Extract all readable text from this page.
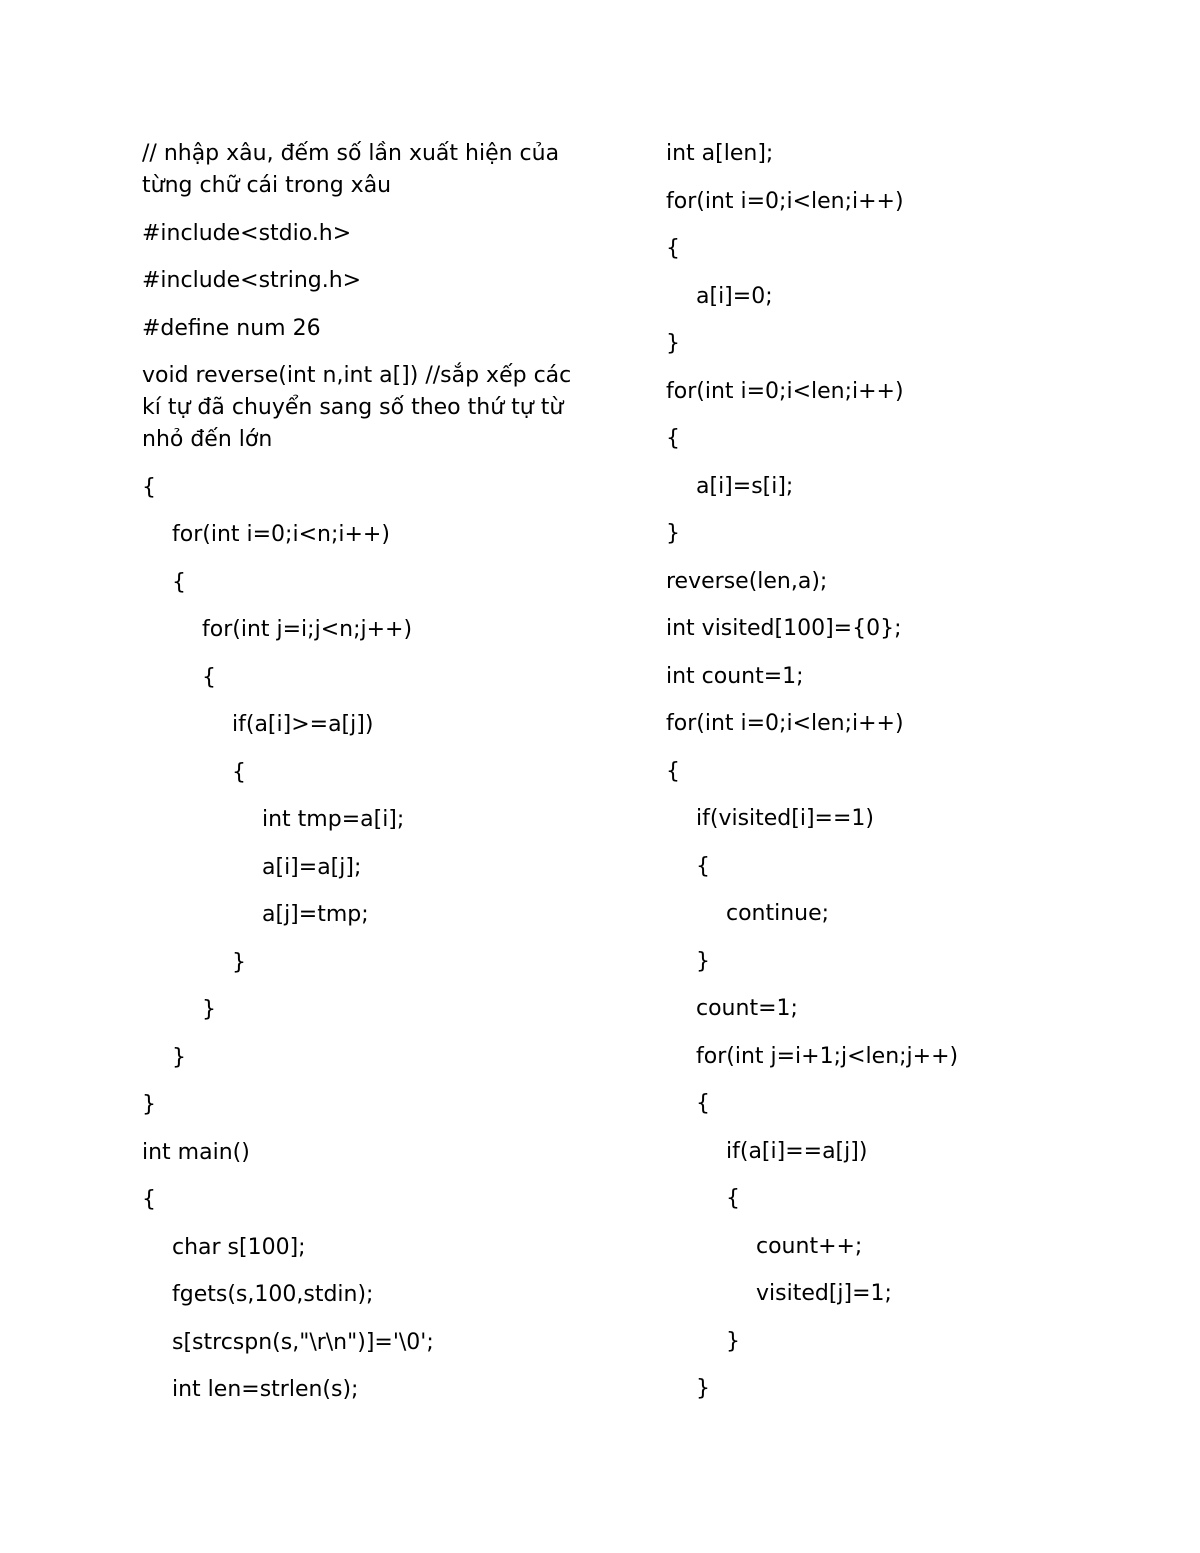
// nhập xâu, đếm số lần xuất hiện của từng chữ cái trong xâu
#include<stdio.h>
#include<string.h>
#define num 26
void reverse(int n,int a[]) //sắp xếp các kí tự đã chuyển sang số theo thứ tự từ nhỏ đến lớn
{
for(int i=0;i<n;i++)
{
for(int j=i;j<n;j++)
{
if(a[i]>=a[j])
{
int tmp=a[i];
a[i]=a[j];
a[j]=tmp;
}
}
}
}
int main()
{
char s[100];
fgets(s,100,stdin);
s[strcspn(s,"\r\n")]='\0';
int len=strlen(s);
int a[len];
for(int i=0;i<len;i++)
{
a[i]=0;
}
for(int i=0;i<len;i++)
{
a[i]=s[i];
}
reverse(len,a);
int visited[100]={0};
int count=1;
for(int i=0;i<len;i++)
{
if(visited[i]==1)
{
continue;
}
count=1;
for(int j=i+1;j<len;j++)
{
if(a[i]==a[j])
{
count++;
visited[j]=1;
}
}
